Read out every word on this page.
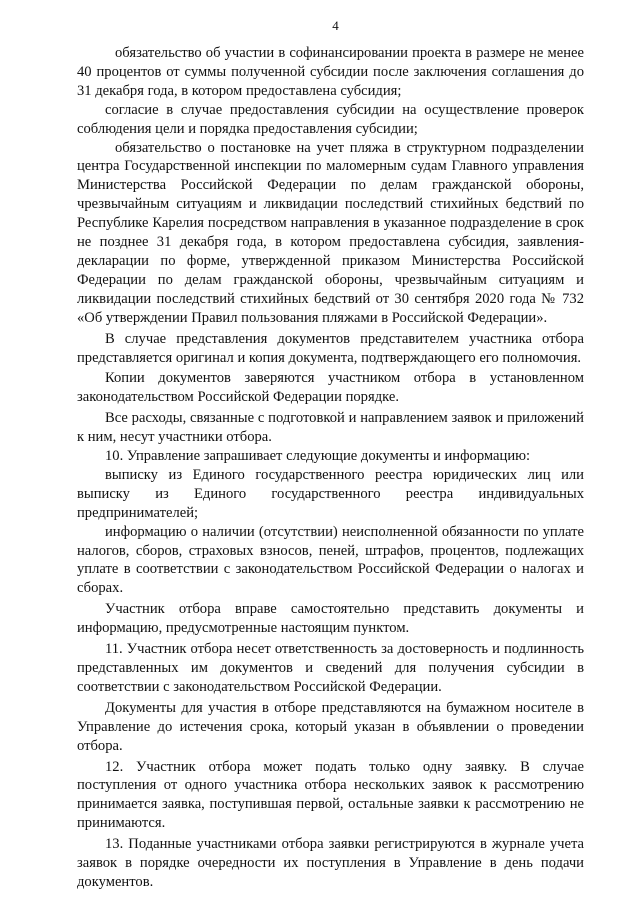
4

обязательство об участии в софинансировании проекта в размере не менее 40 процентов от суммы полученной субсидии после заключения соглашения до 31 декабря года, в котором предоставлена субсидия;

согласие в случае предоставления субсидии на осуществление проверок соблюдения цели и порядка предоставления субсидии;

обязательство о постановке на учет пляжа в структурном подразделении центра Государственной инспекции по маломерным судам Главного управления Министерства Российской Федерации по делам гражданской обороны, чрезвычайным ситуациям и ликвидации последствий стихийных бедствий по Республике Карелия посредством направления в указанное подразделение в срок не позднее 31 декабря года, в котором предоставлена субсидия, заявления-декларации по форме, утвержденной приказом Министерства Российской Федерации по делам гражданской обороны, чрезвычайным ситуациям и ликвидации последствий стихийных бедствий от 30 сентября 2020 года № 732 «Об утверждении Правил пользования пляжами в Российской Федерации».

В случае представления документов представителем участника отбора представляется оригинал и копия документа, подтверждающего его полномочия.

Копии документов заверяются участником отбора в установленном законодательством Российской Федерации порядке.

Все расходы, связанные с подготовкой и направлением заявок и приложений к ним, несут участники отбора.

10. Управление запрашивает следующие документы и информацию:

выписку из Единого государственного реестра юридических лиц или выписку из Единого государственного реестра индивидуальных предпринимателей;

информацию о наличии (отсутствии) неисполненной обязанности по уплате налогов, сборов, страховых взносов, пеней, штрафов, процентов, подлежащих уплате в соответствии с законодательством Российской Федерации о налогах и сборах.

Участник отбора вправе самостоятельно представить документы и информацию, предусмотренные настоящим пунктом.

11. Участник отбора несет ответственность за достоверность и подлинность представленных им документов и сведений для получения субсидии в соответствии с законодательством Российской Федерации.

Документы для участия в отборе представляются на бумажном носителе в Управление до истечения срока, который указан в объявлении о проведении отбора.

12. Участник отбора может подать только одну заявку. В случае поступления от одного участника отбора нескольких заявок к рассмотрению принимается заявка, поступившая первой, остальные заявки к рассмотрению не принимаются.

13. Поданные участниками отбора заявки регистрируются в журнале учета заявок в порядке очередности их поступления в Управление в день подачи документов.
